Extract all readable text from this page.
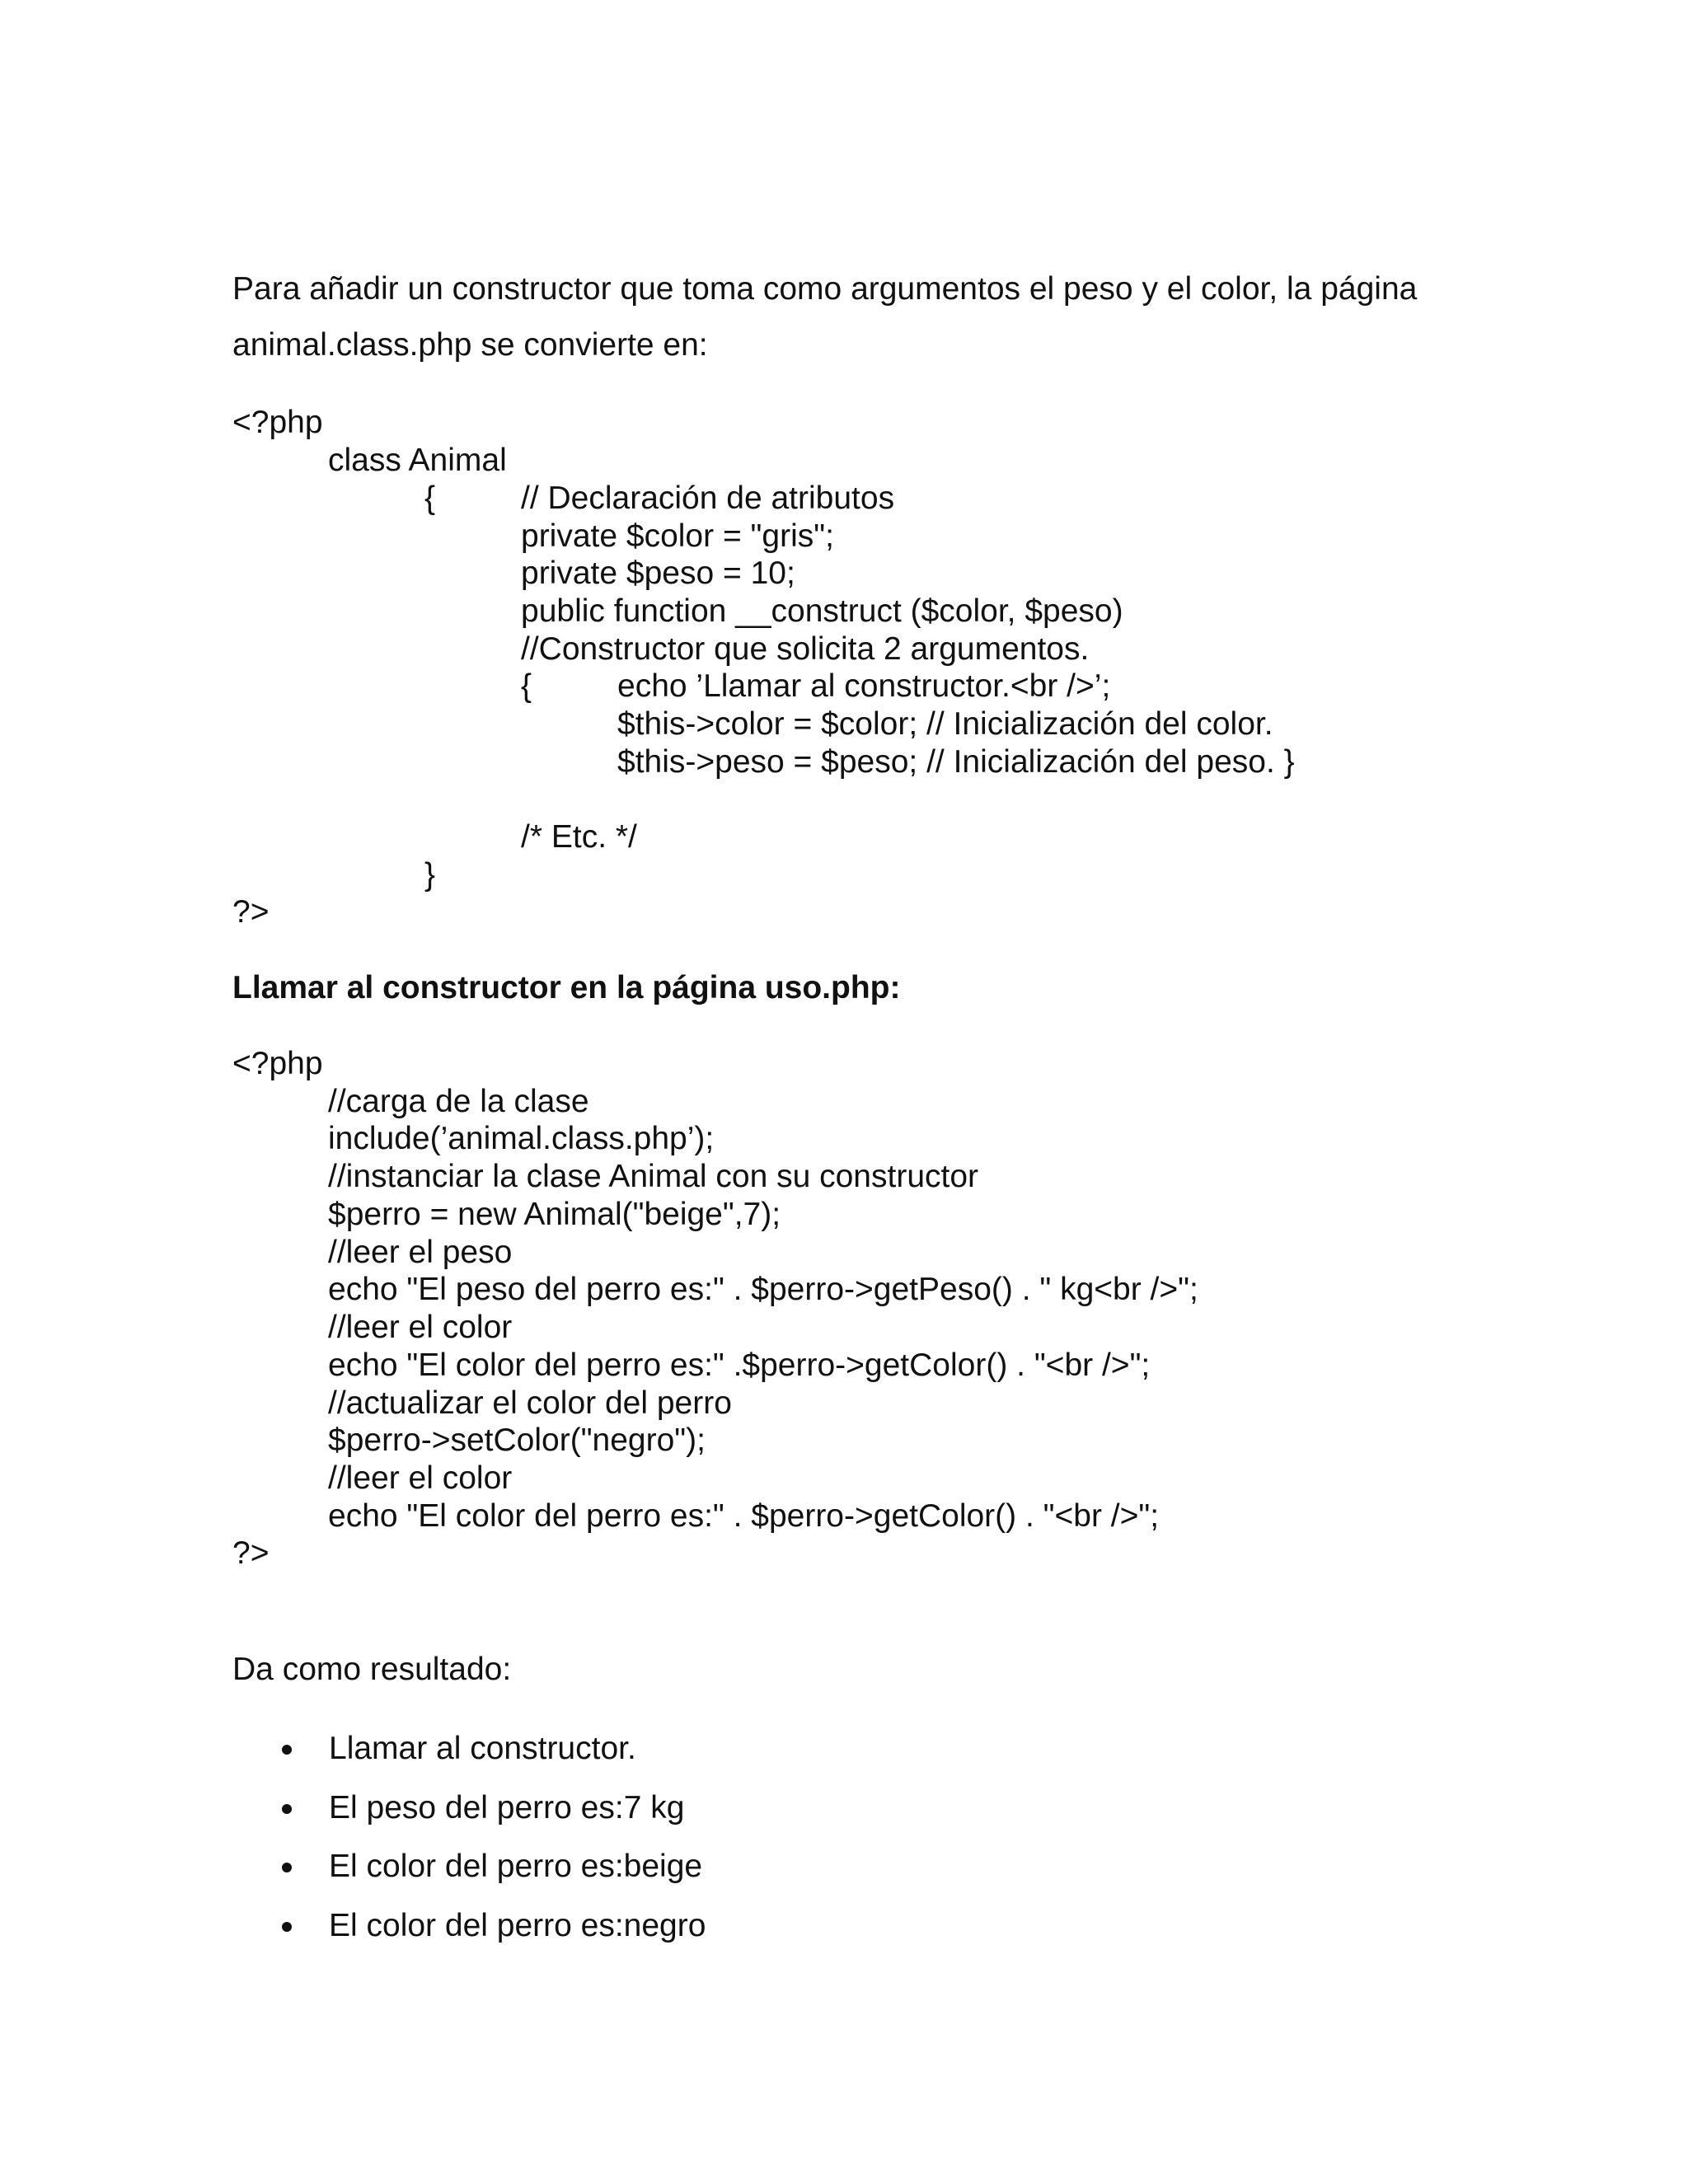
Para añadir un constructor que toma como argumentos el peso y el color, la página
animal.class.php se convierte en:
<?php
class Animal
{	// Declaración de atributos
private $color = "gris";
private $peso = 10;
public function __construct ($color, $peso)
//Constructor que solicita 2 argumentos.
{	echo ’Llamar al constructor.<br />’;
$this->color = $color; // Inicialización del color.
$this->peso = $peso; // Inicialización del peso. }
/* Etc. */
}
?>
Llamar al constructor en la página uso.php:
<?php
//carga de la clase
include(’animal.class.php’);
//instanciar la clase Animal con su constructor
$perro = new Animal("beige",7);
//leer el peso
echo "El peso del perro es:" . $perro->getPeso() . " kg<br />";
//leer el color
echo "El color del perro es:" .$perro->getColor() . "<br />";
//actualizar el color del perro
$perro->setColor("negro");
//leer el color
echo "El color del perro es:" . $perro->getColor() . "<br />";
?>
Da como resultado:
Llamar al constructor.
El peso del perro es:7 kg
El color del perro es:beige
El color del perro es:negro
